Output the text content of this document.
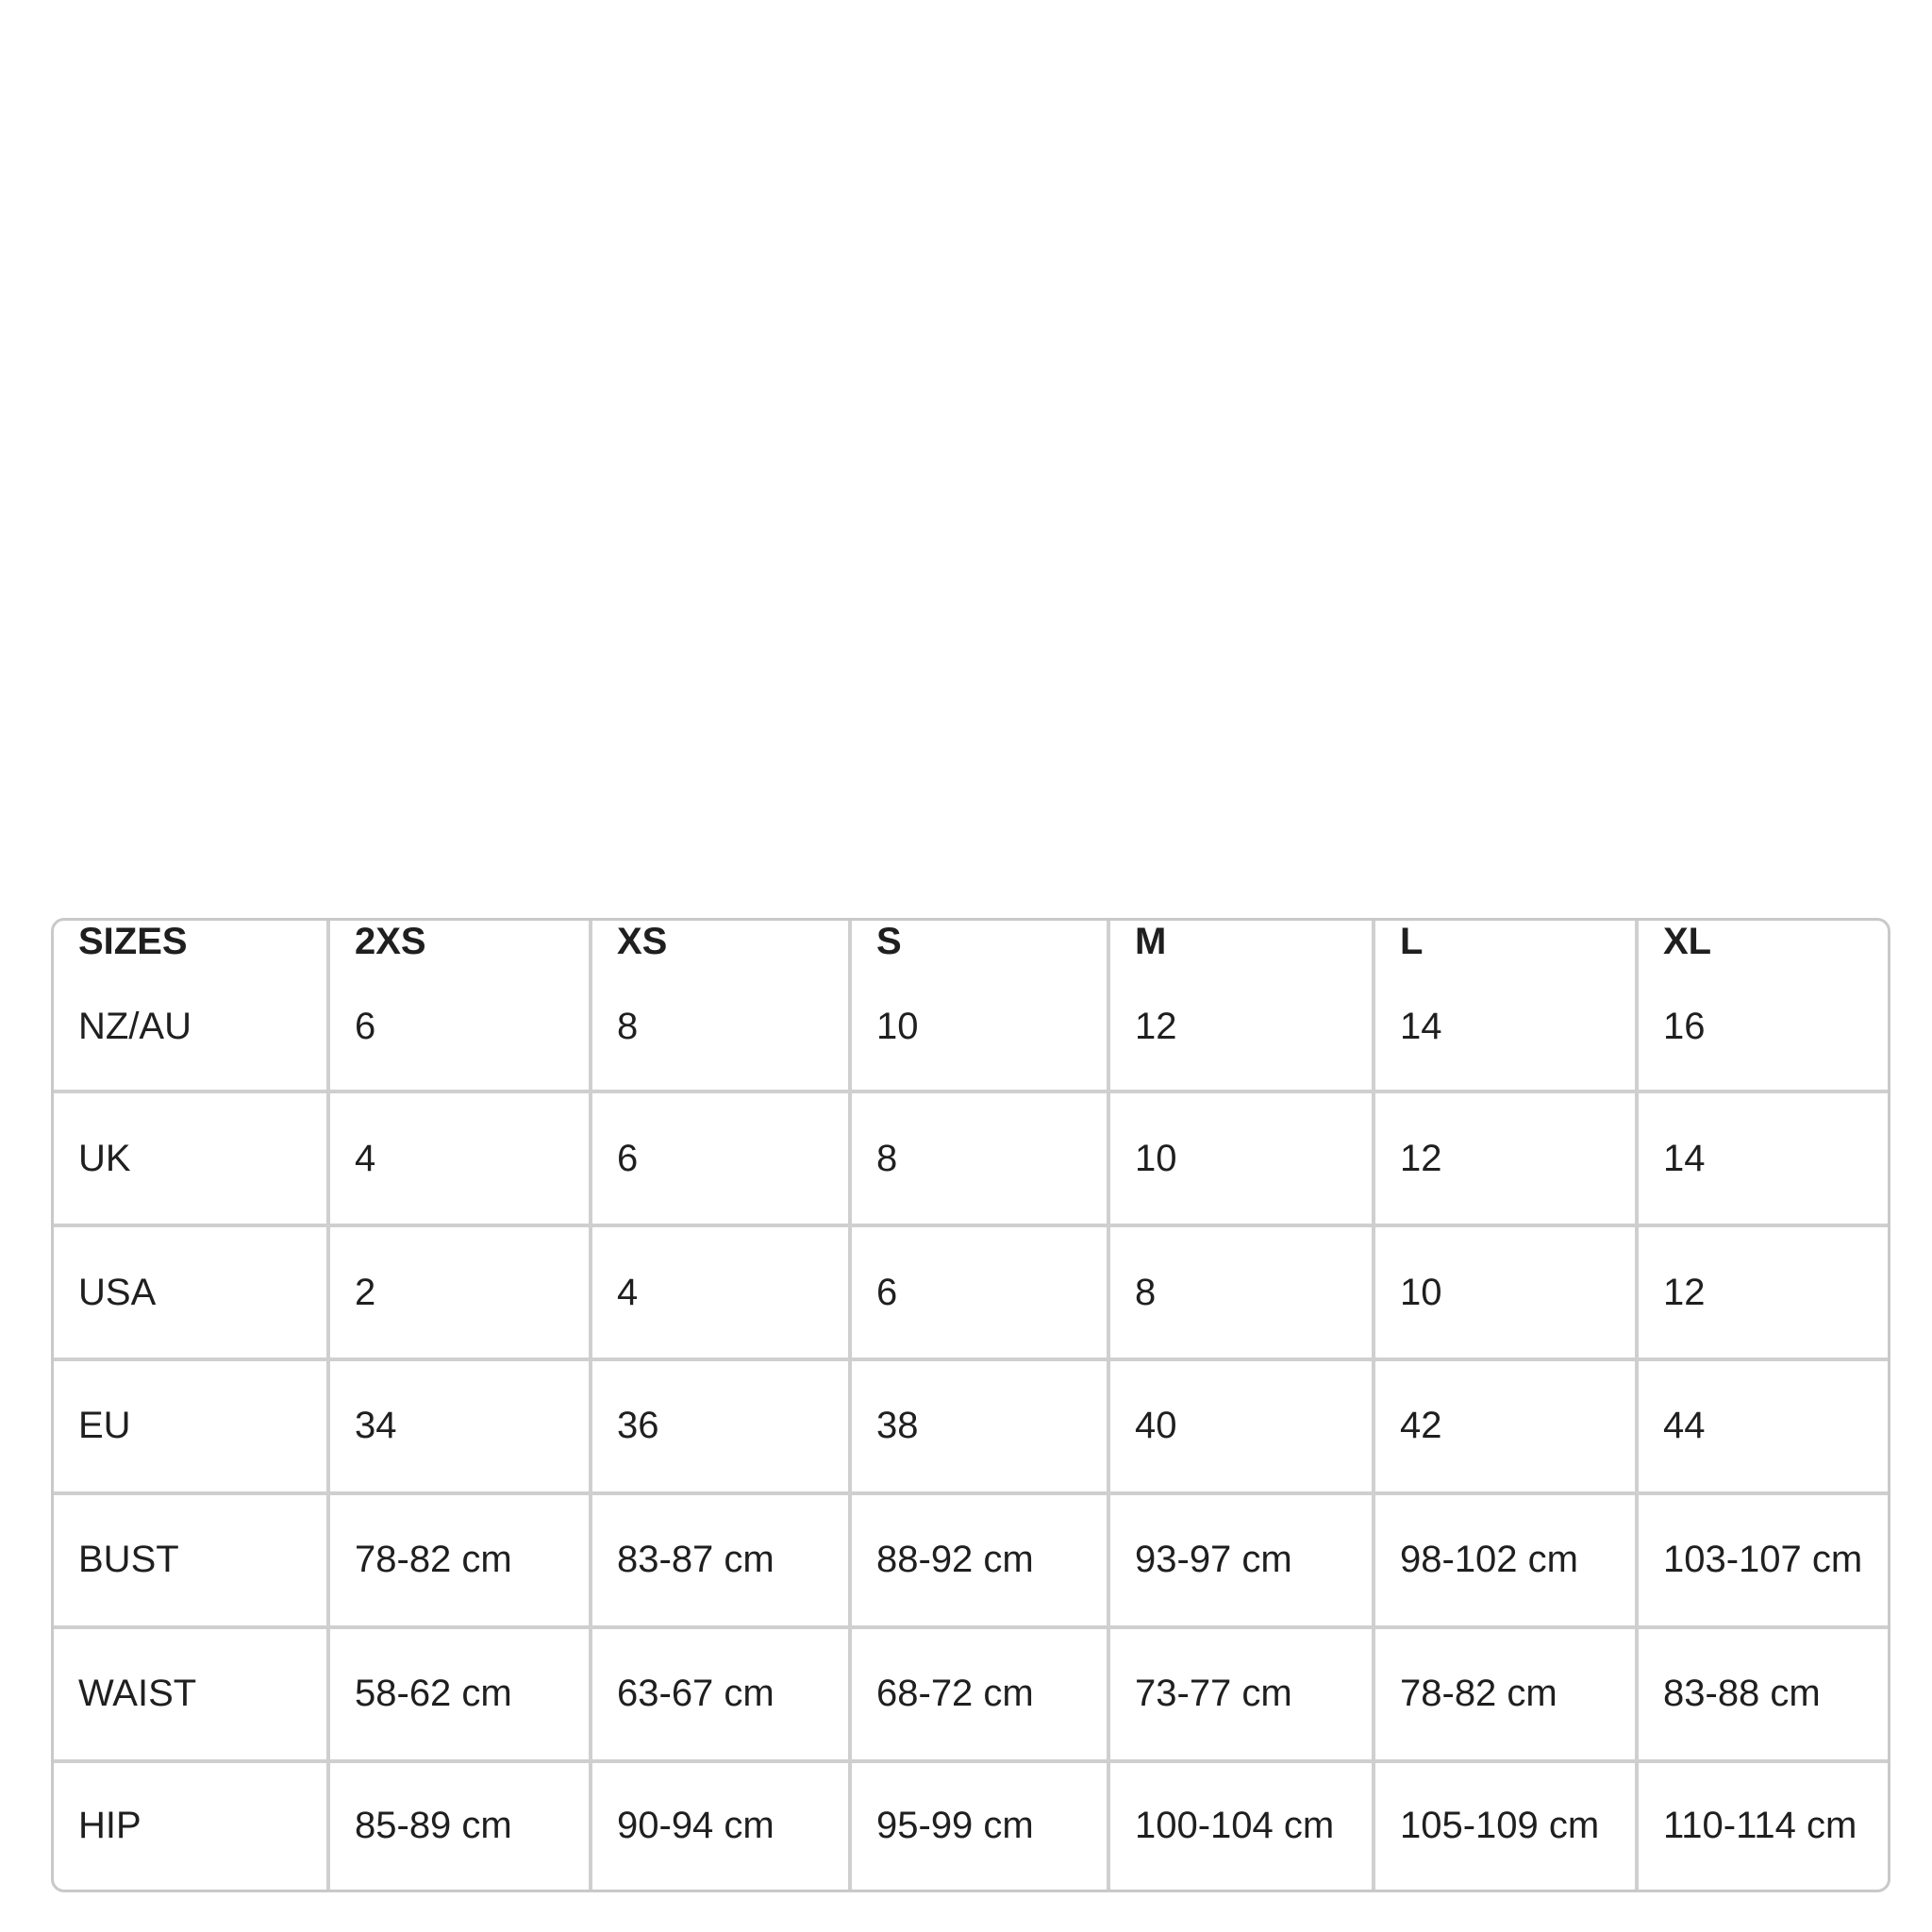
SIZES	2XS	XS	S	M	L	XL
NZ/AU	6	8	10	12	14	16
UK	4	6	8	10	12	14
USA	2	4	6	8	10	12
EU	34	36	38	40	42	44
BUST	78-82 cm	83-87 cm	88-92 cm	93-97 cm	98-102 cm	103-107 cm
WAIST	58-62 cm	63-67 cm	68-72 cm	73-77 cm	78-82 cm	83-88 cm
HIP	85-89 cm	90-94 cm	95-99 cm	100-104 cm	105-109 cm	110-114 cm
